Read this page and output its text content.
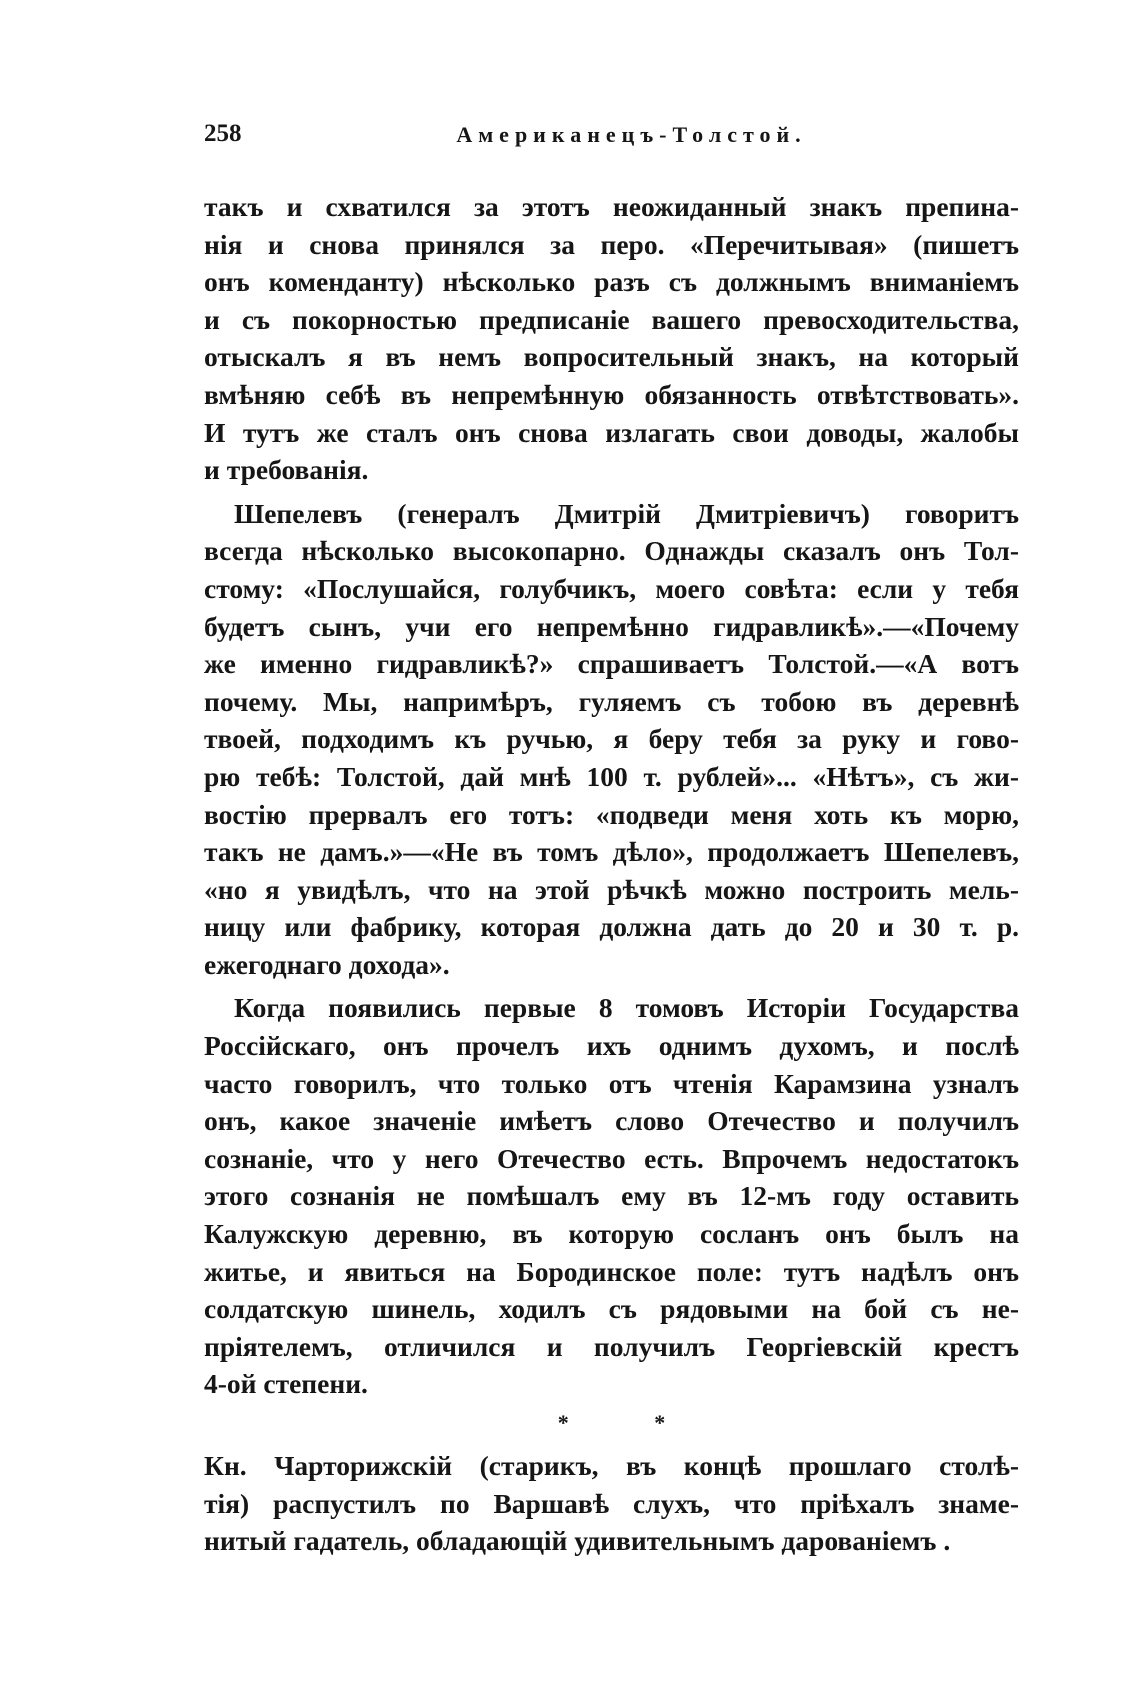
258	Американецъ-Толстой.
такъ и схватился за этотъ неожиданный знакъ препина-
нія и снова принялся за перо. «Перечитывая» (пишетъ
онъ коменданту) нѣсколько разъ съ должнымъ вниманіемъ
и съ покорностью предписаніе вашего превосходительства,
отыскалъ я въ немъ вопросительный знакъ, на который
вмѣняю себѣ въ непремѣнную обязанность отвѣтствовать».
И тутъ же сталъ онъ снова излагать свои доводы, жалобы
и требованія.
Шепелевъ (генералъ Дмитрій Дмитріевичъ) говоритъ
всегда нѣсколько высокопарно. Однажды сказалъ онъ Тол-
стому: «Послушайся, голубчикъ, моего совѣта: если у тебя
будетъ сынъ, учи его непремѣнно гидравликѣ».—«Почему
же именно гидравликѣ?» спрашиваетъ Толстой.—«А вотъ
почему. Мы, напримѣръ, гуляемъ съ тобою въ деревнѣ
твоей, подходимъ къ ручью, я беру тебя за руку и гово-
рю тебѣ: Толстой, дай мнѣ 100 т. рублей»... «Нѣтъ», съ жи-
востію прервалъ его тотъ: «подведи меня хоть къ морю,
такъ не дамъ.»—«Не въ томъ дѣло», продолжаетъ Шепелевъ,
«но я увидѣлъ, что на этой рѣчкѣ можно построить мель-
ницу или фабрику, которая должна дать до 20 и 30 т. р.
ежегоднаго дохода».
Когда появились первые 8 томовъ Исторіи Государства
Россійскаго, онъ прочелъ ихъ однимъ духомъ, и послѣ
часто говорилъ, что только отъ чтенія Карамзина узналъ
онъ, какое значеніе имѣетъ слово Отечество и получилъ
сознаніе, что у него Отечество есть. Впрочемъ недостатокъ
этого сознанія не помѣшалъ ему въ 12-мъ году оставить
Калужскую деревню, въ которую сосланъ онъ былъ на
житье, и явиться на Бородинское поле: тутъ надѣлъ онъ
солдатскую шинель, ходилъ съ рядовыми на бой съ не-
пріятелемъ, отличился и получилъ Георгіевскій крестъ
4-ой степени.
* *
Кн. Чарторижскій (старикъ, въ концѣ прошлаго столѣ-
тія) распустилъ по Варшавѣ слухъ, что пріѣхалъ знаме-
нитый гадатель, обладающій удивительнымъ дарованіемъ .
